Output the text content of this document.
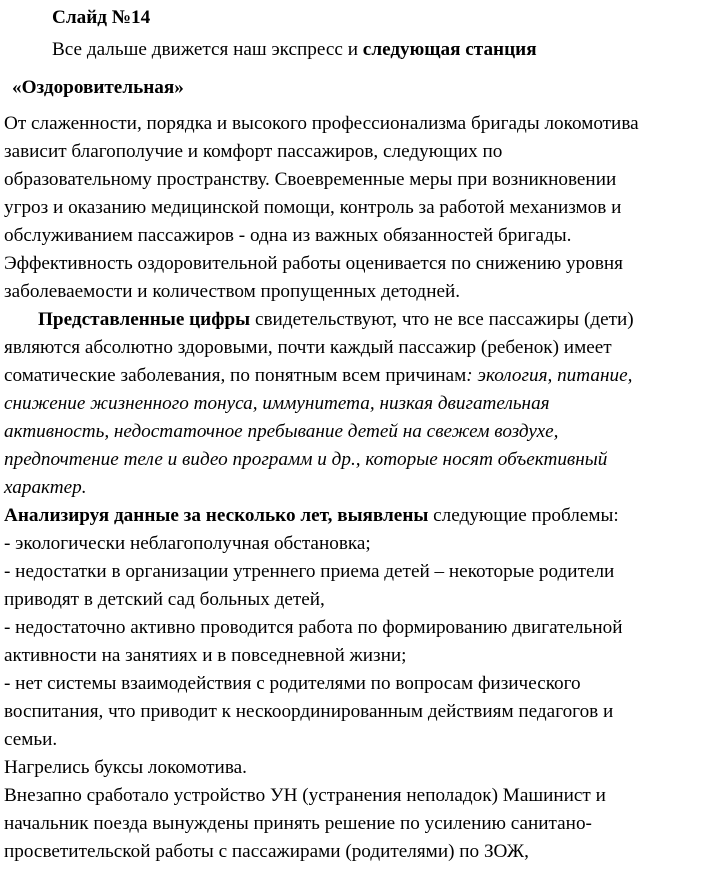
Слайд №14
Все дальше движется наш экспресс и следующая станция
«Оздоровительная»
От слаженности, порядка и высокого профессионализма бригады локомотива
зависит благополучие и комфорт пассажиров, следующих по
образовательному пространству. Своевременные меры при возникновении
угроз и оказанию медицинской помощи, контроль за работой механизмов и
обслуживанием пассажиров - одна из важных обязанностей бригады.
Эффективность оздоровительной работы оценивается по снижению уровня
заболеваемости и количеством пропущенных детодней.
Представленные цифры свидетельствуют, что не все пассажиры (дети)
являются абсолютно здоровыми, почти каждый пассажир (ребенок) имеет
соматические заболевания, по понятным всем причинам: экология, питание,
снижение жизненного тонуса, иммунитета, низкая двигательная
активность, недостаточное пребывание детей на свежем воздухе,
предпочтение теле и видео программ и др., которые носят объективный
характер.
Анализируя данные за несколько лет, выявлены следующие проблемы:
- экологически неблагополучная обстановка;
- недостатки в организации утреннего приема детей – некоторые родители
приводят в детский сад больных детей,
- недостаточно активно проводится работа по формированию двигательной
активности на занятиях и в повседневной жизни;
- нет системы взаимодействия с родителями по вопросам физического
воспитания, что приводит к нескоординированным действиям педагогов и
семьи.
Нагрелись буксы локомотива.
Внезапно сработало устройство УН (устранения неполадок) Машинист и
начальник поезда вынуждены принять решение по усилению санитано-
просветительской работы с пассажирами (родителями) по ЗОЖ,
